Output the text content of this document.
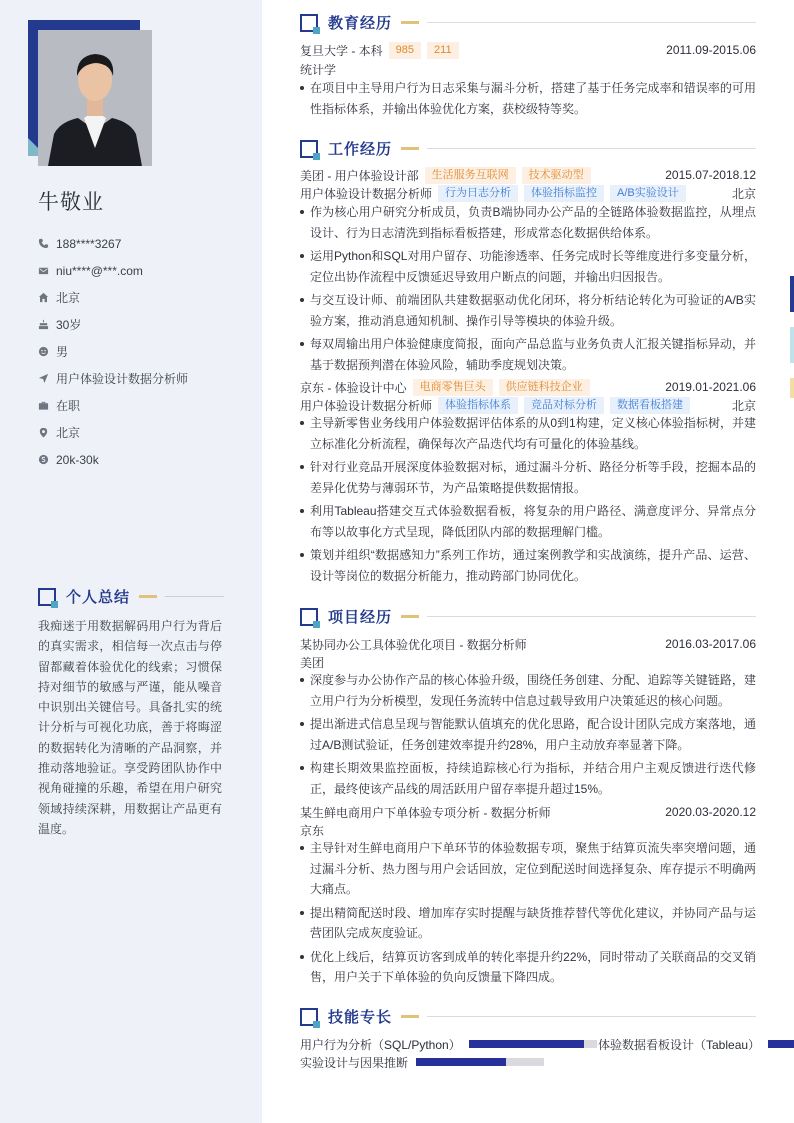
牛敬业
188****3267
niu****@***.com
北京
30岁
男
用户体验设计数据分析师
在职
北京
20k-30k
个人总结

我痴迷于用数据解码用户行为背后的真实需求，相信每一次点击与停留都藏着体验优化的线索；习惯保持对细节的敏感与严谨，能从噪音中识别出关键信号。具备扎实的统计分析与可视化功底，善于将晦涩的数据转化为清晰的产品洞察，并推动落地验证。享受跨团队协作中视角碰撞的乐趣，希望在用户研究领域持续深耕，用数据让产品更有温度。

教育经历
复旦大学 - 本科	985	211	2011.09-2015.06
统计学
在项目中主导用户行为日志采集与漏斗分析，搭建了基于任务完成率和错误率的可用性指标体系，并输出体验优化方案，获校级特等奖。
工作经历
美团 - 用户体验设计部	生活服务互联网	技术驱动型	2015.07-2018.12
用户体验设计数据分析师	行为日志分析	体验指标监控	A/B实验设计	北京
作为核心用户研究分析成员，负责B端协同办公产品的全链路体验数据监控，从埋点设计、行为日志清洗到指标看板搭建，形成常态化数据供给体系。
运用Python和SQL对用户留存、功能渗透率、任务完成时长等维度进行多变量分析，定位出协作流程中反馈延迟导致用户断点的问题，并输出归因报告。
与交互设计师、前端团队共建数据驱动优化闭环，将分析结论转化为可验证的A/B实验方案，推动消息通知机制、操作引导等模块的体验升级。
每双周输出用户体验健康度简报，面向产品总监与业务负责人汇报关键指标异动，并基于数据预判潜在体验风险，辅助季度规划决策。
京东 - 体验设计中心	电商零售巨头	供应链科技企业	2019.01-2021.06
用户体验设计数据分析师	体验指标体系	竞品对标分析	数据看板搭建	北京
主导新零售业务线用户体验数据评估体系的从0到1构建，定义核心体验指标树，并建立标准化分析流程，确保每次产品迭代均有可量化的体验基线。
针对行业竞品开展深度体验数据对标，通过漏斗分析、路径分析等手段，挖掘本品的差异化优势与薄弱环节，为产品策略提供数据情报。
利用Tableau搭建交互式体验数据看板，将复杂的用户路径、满意度评分、异常点分布等以故事化方式呈现，降低团队内部的数据理解门槛。
策划并组织“数据感知力”系列工作坊，通过案例教学和实战演练，提升产品、运营、设计等岗位的数据分析能力，推动跨部门协同优化。
项目经历
某协同办公工具体验优化项目 - 数据分析师	2016.03-2017.06
美团
深度参与办公协作产品的核心体验升级，围绕任务创建、分配、追踪等关键链路，建立用户行为分析模型，发现任务流转中信息过载导致用户决策延迟的核心问题。
提出渐进式信息呈现与智能默认值填充的优化思路，配合设计团队完成方案落地，通过A/B测试验证，任务创建效率提升约28%，用户主动放弃率显著下降。
构建长期效果监控面板，持续追踪核心行为指标，并结合用户主观反馈进行迭代修正，最终使该产品线的周活跃用户留存率提升超过15%。
某生鲜电商用户下单体验专项分析 - 数据分析师	2020.03-2020.12
京东
主导针对生鲜电商用户下单环节的体验数据专项，聚焦于结算页流失率突增问题，通过漏斗分析、热力图与用户会话回放，定位到配送时间选择复杂、库存提示不明确两大痛点。
提出精简配送时段、增加库存实时提醒与缺货推荐替代等优化建议，并协同产品与运营团队完成灰度验证。
优化上线后，结算页访客到成单的转化率提升约22%，同时带动了关联商品的交叉销售，用户关于下单体验的负向反馈量下降四成。
技能专长
用户行为分析（SQL/Python）	体验数据看板设计（Tableau）
实验设计与因果推断
